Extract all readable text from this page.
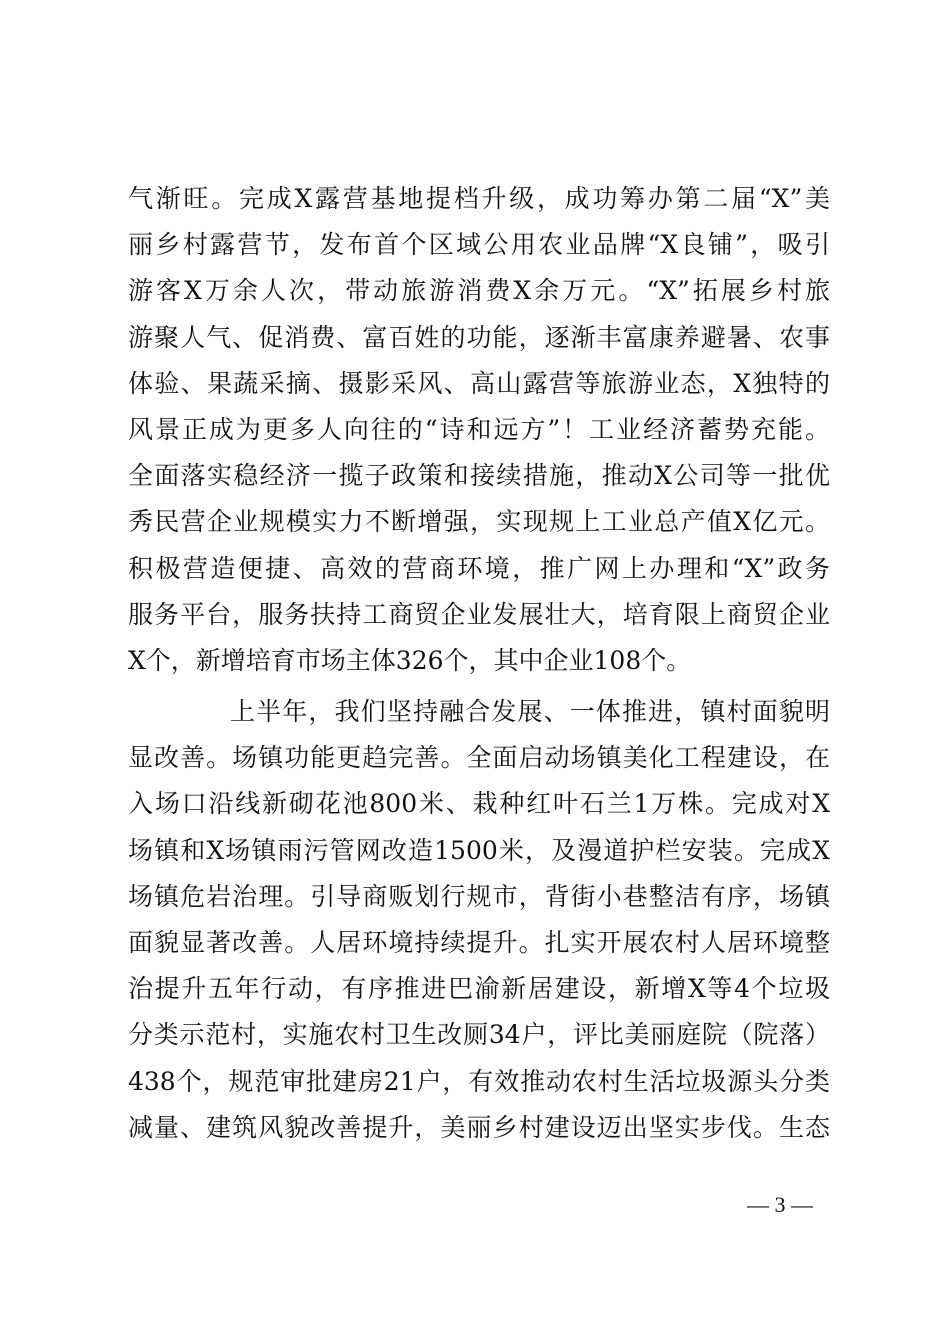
气渐旺。完成X露营基地提档升级，成功筹办第二届“X”美
丽乡村露营节，发布首个区域公用农业品牌“X良铺”，吸引
游客X万余人次，带动旅游消费X余万元。“X”拓展乡村旅
游聚人气、促消费、富百姓的功能，逐渐丰富康养避暑、农事
体验、果蔬采摘、摄影采风、高山露营等旅游业态，X独特的
风景正成为更多人向往的“诗和远方”！工业经济蓄势充能。
全面落实稳经济一揽子政策和接续措施，推动X公司等一批优
秀民营企业规模实力不断增强，实现规上工业总产值X亿元。
积极营造便捷、高效的营商环境，推广网上办理和“X”政务
服务平台，服务扶持工商贸企业发展壮大，培育限上商贸企业
X个，新增培育市场主体326个，其中企业108个。
上半年，我们坚持融合发展、一体推进，镇村面貌明
显改善。场镇功能更趋完善。全面启动场镇美化工程建设，在
入场口沿线新砌花池800米、栽种红叶石兰1万株。完成对X
场镇和X场镇雨污管网改造1500米，及漫道护栏安装。完成X
场镇危岩治理。引导商贩划行规市，背街小巷整洁有序，场镇
面貌显著改善。人居环境持续提升。扎实开展农村人居环境整
治提升五年行动，有序推进巴渝新居建设，新增X等4个垃圾
分类示范村，实施农村卫生改厕34户，评比美丽庭院（院落）
438个，规范审批建房21户，有效推动农村生活垃圾源头分类
减量、建筑风貌改善提升，美丽乡村建设迈出坚实步伐。生态
— 3 —
